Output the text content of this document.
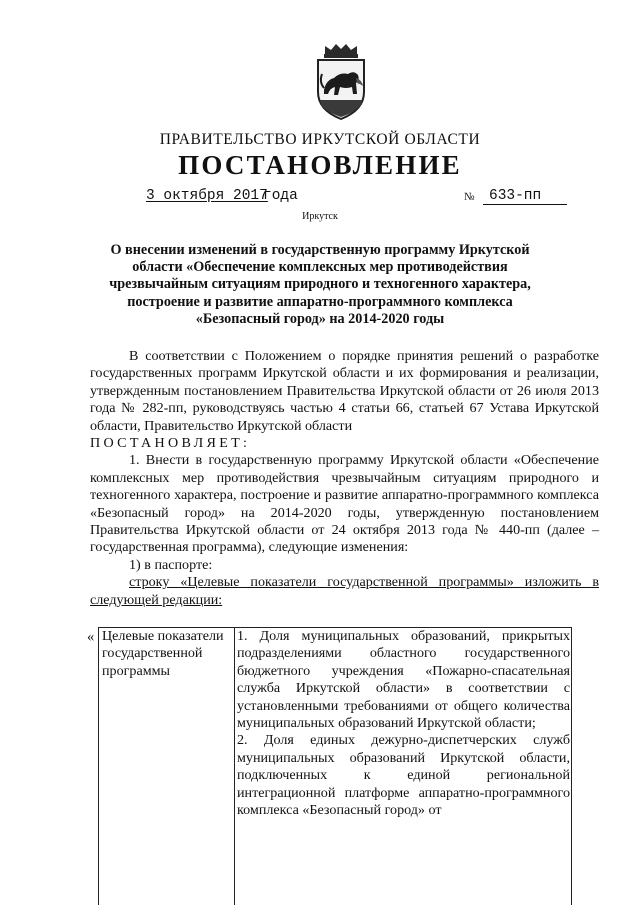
ПРАВИТЕЛЬСТВО ИРКУТСКОЙ ОБЛАСТИ
ПОСТАНОВЛЕНИЕ
3 октября 2017
года	№	633-пп
Иркутск
О внесении изменений в государственную программу Иркутской области «Обеспечение комплексных мер противодействия чрезвычайным ситуациям природного и техногенного характера, построение и развитие аппаратно-программного комплекса «Безопасный город» на 2014-2020 годы

В соответствии с Положением о порядке принятия решений о разработке государственных программ Иркутской области и их формирования и реализации, утвержденным постановлением Правительства Иркутской области от 26 июля 2013 года № 282-пп, руководствуясь частью 4 статьи 66, статьей 67 Устава Иркутской области, Правительство Иркутской области

ПОСТАНОВЛЯЕТ:

1. Внести в государственную программу Иркутской области «Обеспечение комплексных мер противодействия чрезвычайным ситуациям природного и техногенного характера, построение и развитие аппаратно-программного комплекса «Безопасный город» на 2014-2020 годы, утвержденную постановлением Правительства Иркутской области от 24 октября 2013 года № 440-пп (далее – государственная программа), следующие изменения:

1) в паспорте:

строку «Целевые показатели государственной программы» изложить в следующей редакции:

« Целевые показатели государственной программы

1. Доля муниципальных образований, прикрытых подразделениями областного государственного бюджетного учреждения «Пожарно-спасательная служба Иркутской области» в соответствии с установленными требованиями от общего количества муниципальных образований Иркутской области;

2. Доля единых дежурно-диспетчерских служб муниципальных образований Иркутской области, подключенных к единой региональной интеграционной платформе аппаратно-программного комплекса «Безопасный город» от
